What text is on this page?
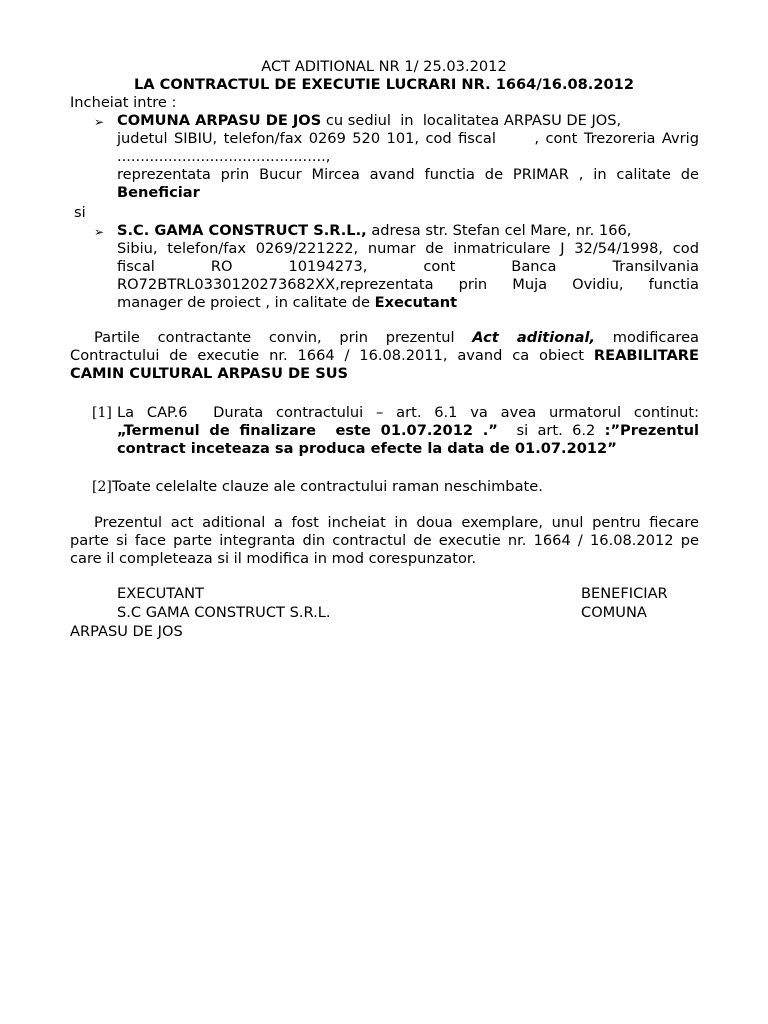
ACT ADITIONAL NR 1/ 25.03.2012
LA CONTRACTUL DE EXECUTIE LUCRARI NR. 1664/16.08.2012
Incheiat intre :
➢ COMUNA ARPASU DE JOS cu sediul  in  localitatea ARPASU DE JOS,
judetul SIBIU, telefon/fax 0269 520 101, cod fiscal      , cont Trezoreria Avrig
.............................................,
reprezentata prin Bucur Mircea avand functia de PRIMAR , in calitate de
Beneficiar
si
➢ S.C. GAMA CONSTRUCT S.R.L., adresa str. Stefan cel Mare, nr. 166,
Sibiu, telefon/fax 0269/221222, numar de inmatriculare J 32/54/1998, cod
fiscal  RO  10194273,  cont  Banca  Transilvania
RO72BTRL0330120273682XX,reprezentata  prin  Muja  Ovidiu,  functia
manager de proiect , in calitate de Executant
Partile contractante convin, prin prezentul Act aditional, modificarea
Contractului de executie nr. 1664 / 16.08.2011, avand ca obiect REABILITARE
CAMIN CULTURAL ARPASU DE SUS
[1] La CAP.6  Durata contractului – art. 6.1 va avea urmatorul continut:
„Termenul de finalizare  este 01.07.2012 .”  si art. 6.2 :”Prezentul
contract inceteaza sa produca efecte la data de 01.07.2012”
[2]Toate celelalte clauze ale contractului raman neschimbate.
Prezentul act aditional a fost incheiat in doua exemplare, unul pentru fiecare
parte si face parte integranta din contractul de executie nr. 1664 / 16.08.2012 pe
care il completeaza si il modifica in mod corespunzator.
EXECUTANT	BENEFICIAR
S.C GAMA CONSTRUCT S.R.L.	COMUNA
ARPASU DE JOS
